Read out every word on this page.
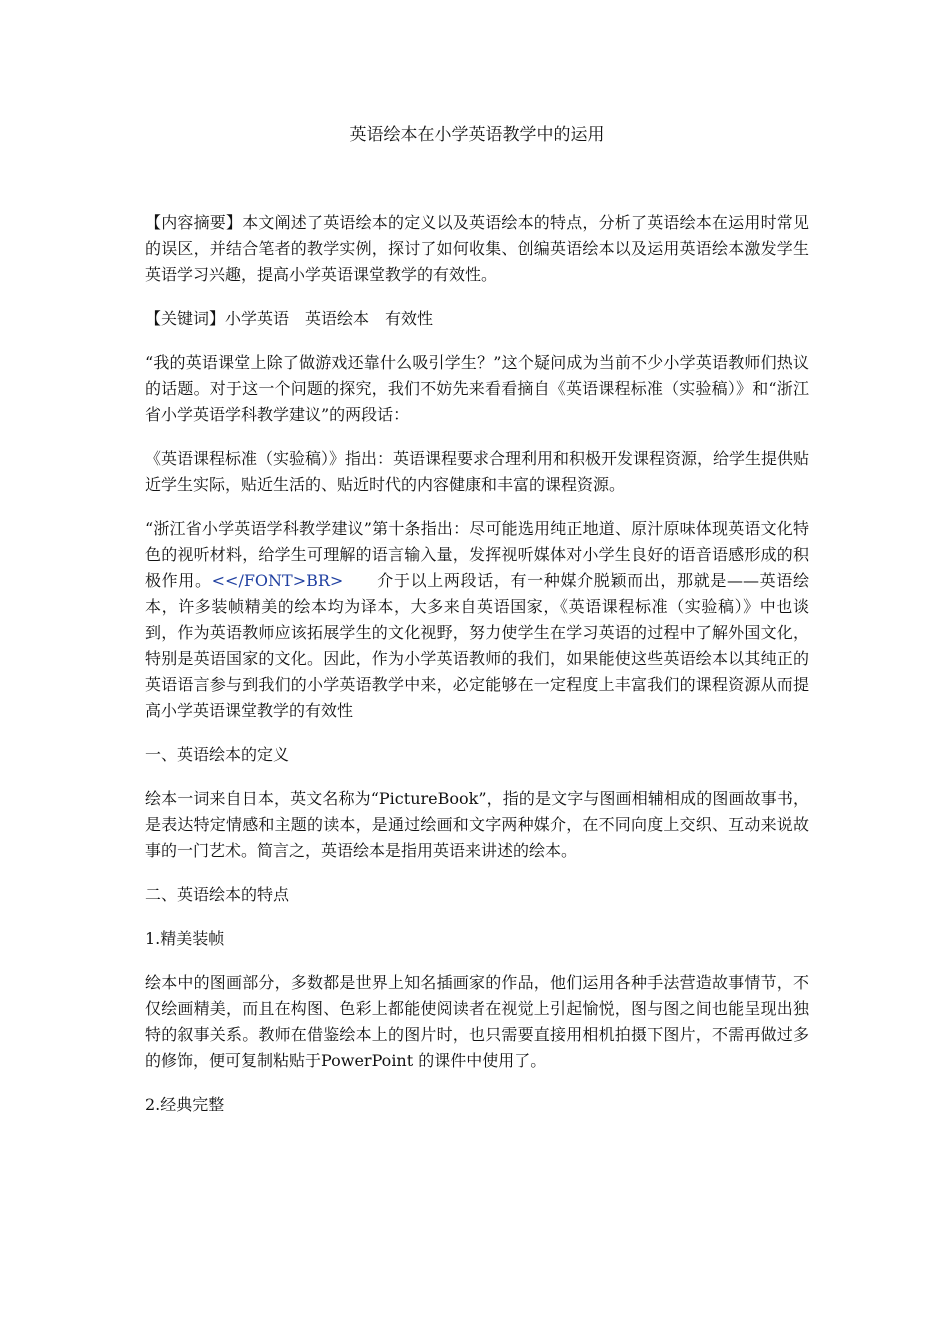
英语绘本在小学英语教学中的运用

【内容摘要】本文阐述了英语绘本的定义以及英语绘本的特点，分析了英语绘本在运用时常见的误区，并结合笔者的教学实例，探讨了如何收集、创编英语绘本以及运用英语绘本激发学生英语学习兴趣，提高小学英语课堂教学的有效性。

【关键词】小学英语　英语绘本　有效性

“我的英语课堂上除了做游戏还靠什么吸引学生？”这个疑问成为当前不少小学英语教师们热议的话题。对于这一个问题的探究，我们不妨先来看看摘自《英语课程标准（实验稿）》和“浙江省小学英语学科教学建议”的两段话：

《英语课程标准（实验稿）》指出：英语课程要求合理利用和积极开发课程资源，给学生提供贴近学生实际，贴近生活的、贴近时代的内容健康和丰富的课程资源。

“浙江省小学英语学科教学建议”第十条指出：尽可能选用纯正地道、原汁原味体现英语文化特色的视听材料，给学生可理解的语言输入量，发挥视听媒体对小学生良好的语音语感形成的积极作用。<</FONT>BR>　　介于以上两段话，有一种媒介脱颖而出，那就是——英语绘本，许多装帧精美的绘本均为译本，大多来自英语国家，《英语课程标准（实验稿）》中也谈到，作为英语教师应该拓展学生的文化视野，努力使学生在学习英语的过程中了解外国文化，特别是英语国家的文化。因此，作为小学英语教师的我们，如果能使这些英语绘本以其纯正的英语语言参与到我们的小学英语教学中来，必定能够在一定程度上丰富我们的课程资源从而提高小学英语课堂教学的有效性

一、英语绘本的定义

绘本一词来自日本，英文名称为“PictureBook”，指的是文字与图画相辅相成的图画故事书，是表达特定情感和主题的读本，是通过绘画和文字两种媒介，在不同向度上交织、互动来说故事的一门艺术。简言之，英语绘本是指用英语来讲述的绘本。

二、英语绘本的特点

1.精美装帧

绘本中的图画部分，多数都是世界上知名插画家的作品，他们运用各种手法营造故事情节，不仅绘画精美，而且在构图、色彩上都能使阅读者在视觉上引起愉悦，图与图之间也能呈现出独特的叙事关系。教师在借鉴绘本上的图片时，也只需要直接用相机拍摄下图片，不需再做过多的修饰，便可复制粘贴于PowerPoint 的课件中使用了。

2.经典完整
